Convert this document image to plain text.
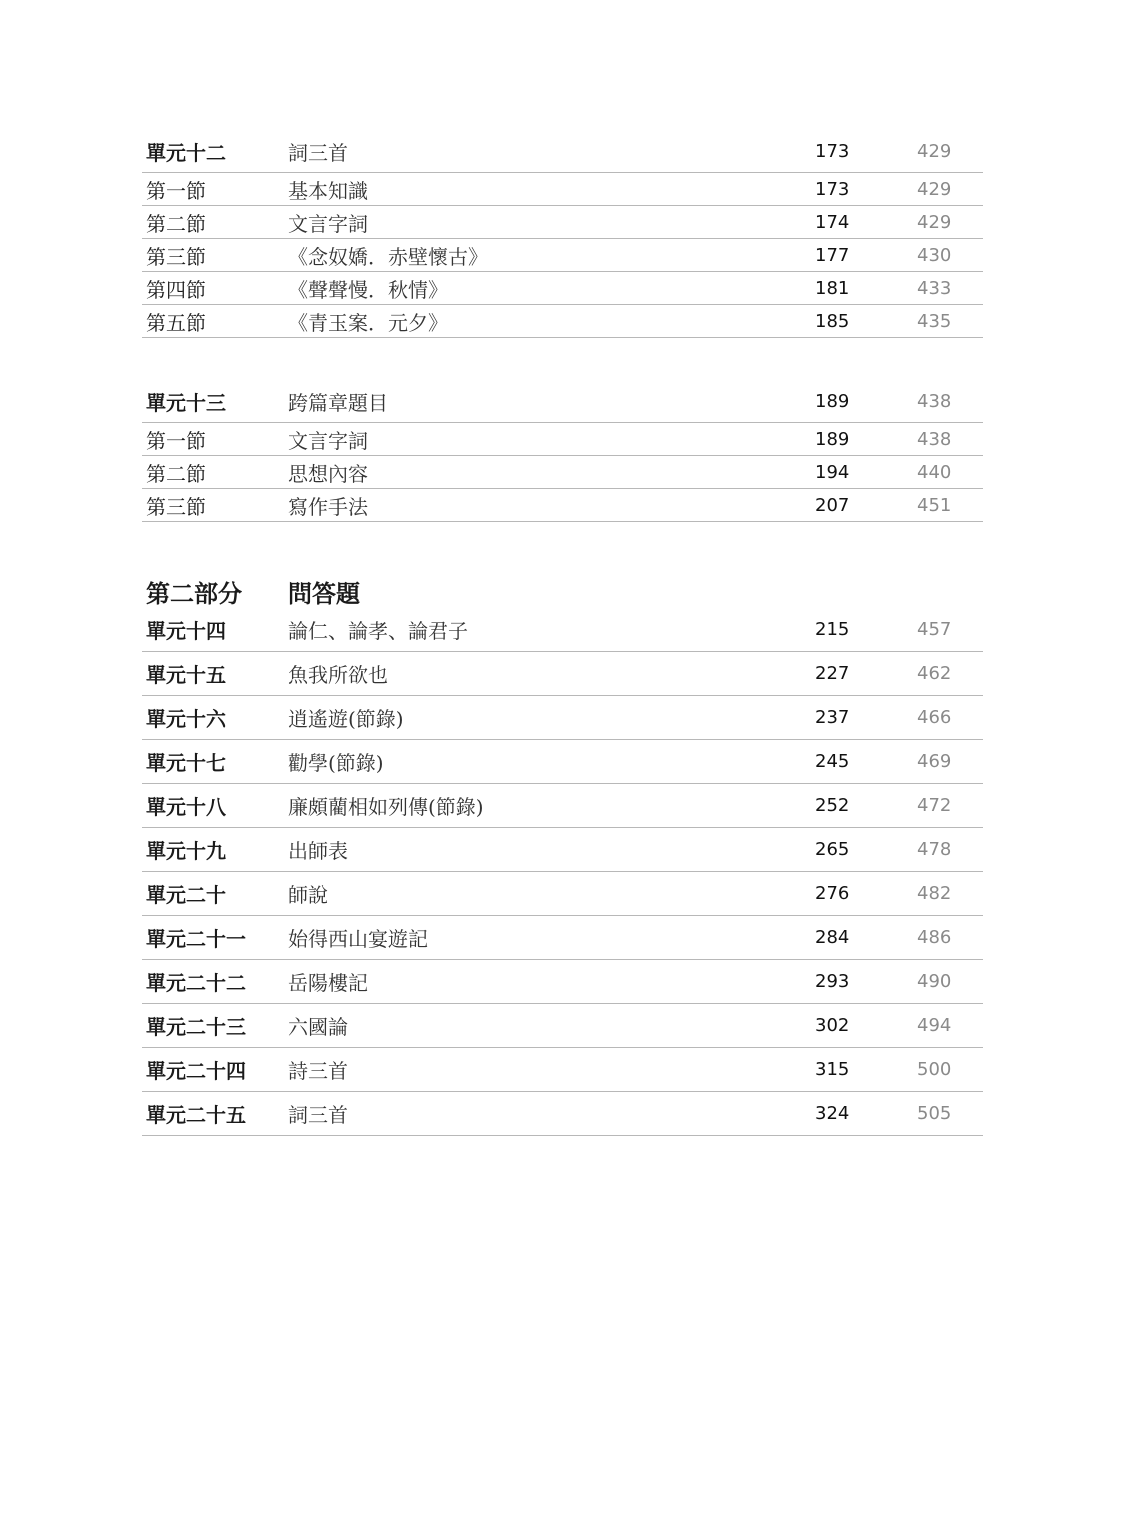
單元十二	詞三首	173	429
第一節	基本知識	173	429
第二節	文言字詞	174	429
第三節	《念奴嬌．赤壁懷古》	177	430
第四節	《聲聲慢．秋情》	181	433
第五節	《青玉案．元夕》	185	435
單元十三	跨篇章題目	189	438
第一節	文言字詞	189	438
第二節	思想內容	194	440
第三節	寫作手法	207	451
第二部分	問答題
單元十四	論仁、論孝、論君子	215	457
單元十五	魚我所欲也	227	462
單元十六	逍遙遊(節錄)	237	466
單元十七	勸學(節錄)	245	469
單元十八	廉頗藺相如列傳(節錄)	252	472
單元十九	出師表	265	478
單元二十	師說	276	482
單元二十一	始得西山宴遊記	284	486
單元二十二	岳陽樓記	293	490
單元二十三	六國論	302	494
單元二十四	詩三首	315	500
單元二十五	詞三首	324	505
